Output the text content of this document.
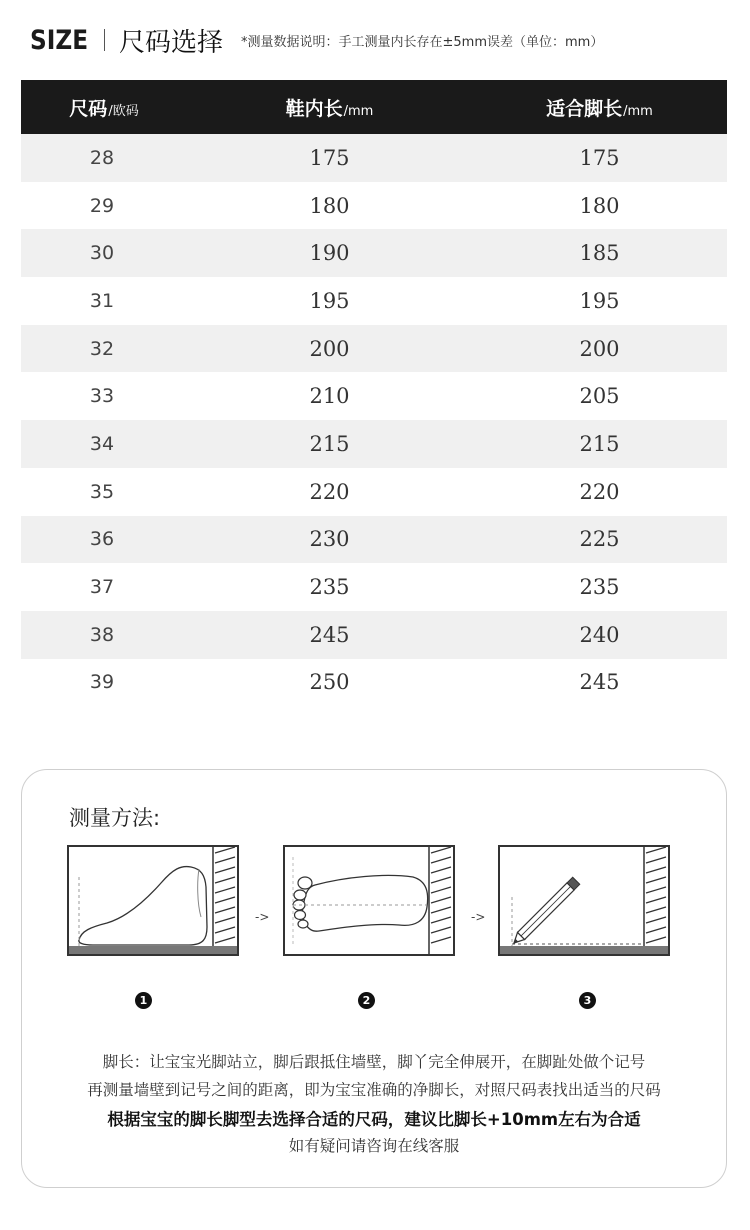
SIZE 尺码选择 *测量数据说明：手工测量内长存在±5mm误差（单位：mm）
尺码 /欧码	鞋内长 /mm	适合脚长 /mm
28	175	175
29	180	180
30	190	185
31	195	195
32	200	200
33	210	205
34	215	215
35	220	220
36	230	225
37	235	235
38	245	240
39	250	245
测量方法:
->	->
1	2	3
脚长：让宝宝光脚站立，脚后跟抵住墙壁，脚丫完全伸展开，在脚趾处做个记号
再测量墙壁到记号之间的距离，即为宝宝准确的净脚长，对照尺码表找出适当的尺码
根据宝宝的脚长脚型去选择合适的尺码，建议比脚长+10mm左右为合适
如有疑问请咨询在线客服
